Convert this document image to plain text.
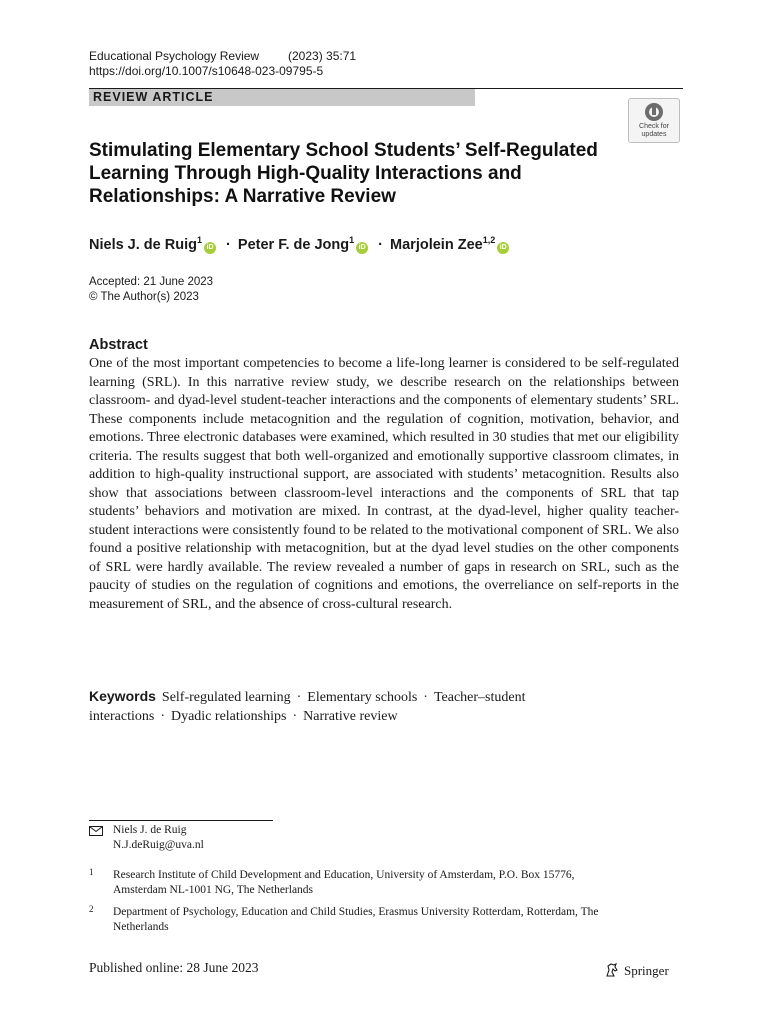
Educational Psychology Review (2023) 35:71
https://doi.org/10.1007/s10648-023-09795-5
REVIEW ARTICLE
Check for updates
Stimulating Elementary School Students’ Self-Regulated Learning Through High-Quality Interactions and Relationships: A Narrative Review
Niels J. de Ruig$^1$iD · Peter F. de Jong$^1$iD · Marjolein Zee$^{1,2}$iD
Accepted: 21 June 2023
© The Author(s) 2023
Abstract
One of the most important competencies to become a life-long learner is considered to be self-regulated learning (SRL). In this narrative review study, we describe research on the relationships between classroom- and dyad-level student-teacher interactions and the components of elementary students’ SRL. These components include metacognition and the regulation of cognition, motivation, behavior, and emotions. Three electronic databases were examined, which resulted in 30 studies that met our eligibility criteria. The results suggest that both well-organized and emotionally supportive classroom climates, in addition to high-quality instructional support, are associated with students’ metacognition. Results also show that associations between classroom-level interactions and the components of SRL that tap students’ behaviors and motivation are mixed. In contrast, at the dyad-level, higher quality teacher-student interactions were consistently found to be related to the motivational component of SRL. We also found a positive relationship with metacognition, but at the dyad level studies on the other components of SRL were hardly available. The review revealed a number of gaps in research on SRL, such as the paucity of studies on the regulation of cognitions and emotions, the overreliance on self-reports in the measurement of SRL, and the absence of cross-cultural research.
Keywords Self-regulated learning · Elementary schools · Teacher–student interactions · Dyadic relationships · Narrative review
Niels J. de Ruig
N.J.deRuig@uva.nl
1 Research Institute of Child Development and Education, University of Amsterdam, P.O. Box 15776, Amsterdam NL-1001 NG, The Netherlands
2 Department of Psychology, Education and Child Studies, Erasmus University Rotterdam, Rotterdam, The Netherlands
Published online: 28 June 2023	Springer
